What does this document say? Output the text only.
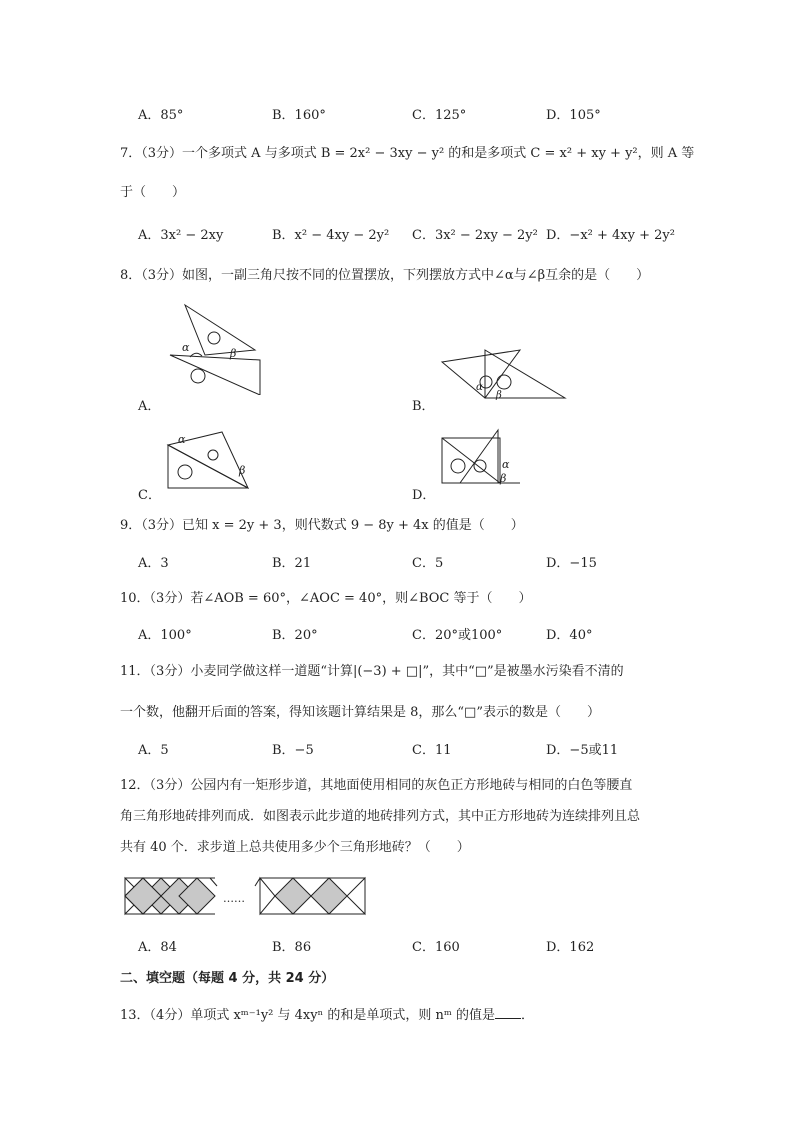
A．85°	B．160°	C．125°	D．105°
7．（3分）一个多项式 A 与多项式 B = 2x² − 3xy − y² 的和是多项式 C = x² + xy + y²，则 A 等
于（　　）
A．3x² − 2xy	B．x² − 4xy − 2y² C．3x² − 2xy − 2y² D．−x² + 4xy + 2y²
8．（3分）如图，一副三角尺按不同的位置摆放，下列摆放方式中∠α与∠β互余的是（　　）
α	β
A．
α
β
B．
α
β
C．
α
β
D．
9．（3分）已知 x = 2y + 3，则代数式 9 − 8y + 4x 的值是（　　）
A．3	B．21	C．5	D．−15
10．（3分）若∠AOB = 60°，∠AOC = 40°，则∠BOC 等于（　　）
A．100°	B．20°	C．20°或100°	D．40°
11．（3分）小麦同学做这样一道题“计算|(−3) + □|”，其中“□”是被墨水污染看不清的
一个数，他翻开后面的答案，得知该题计算结果是 8，那么“□”表示的数是（　　）
A．5	B．−5	C．11	D．−5或11
12．（3分）公园内有一矩形步道，其地面使用相同的灰色正方形地砖与相同的白色等腰直
角三角形地砖排列而成．如图表示此步道的地砖排列方式，其中正方形地砖为连续排列且总
共有 40 个．求步道上总共使用多少个三角形地砖？（　　）
……
A．84	B．86	C．160	D．162
二、填空题（每题 4 分，共 24 分）
13．（4分）单项式 xᵐ⁻¹y² 与 4xyⁿ 的和是单项式，则 nᵐ 的值是 ．
